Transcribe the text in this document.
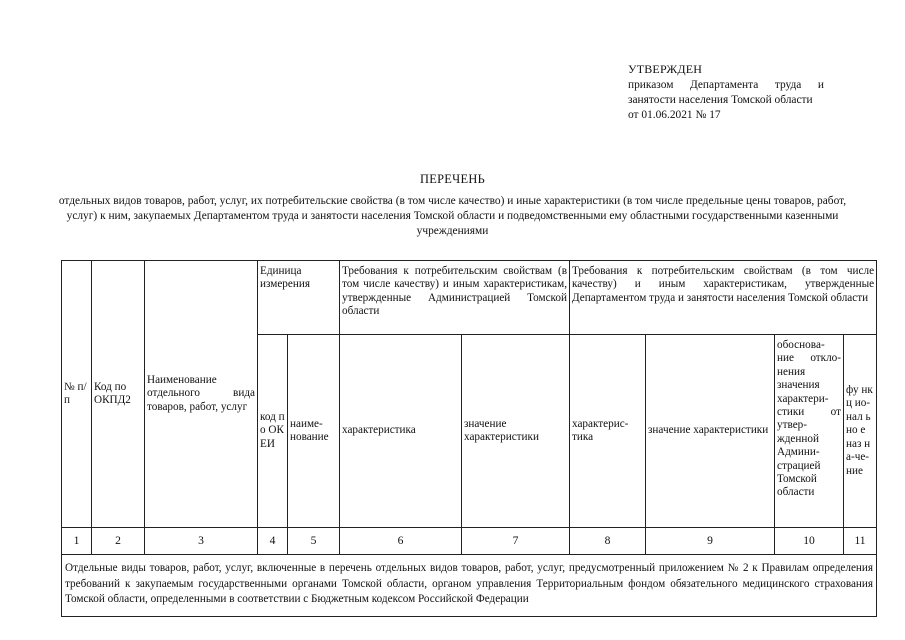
УТВЕРЖДЕН
приказом Департамента труда и занятости населения Томской области
от 01.06.2021 № 17
ПЕРЕЧЕНЬ
отдельных видов товаров, работ, услуг, их потребительские свойства (в том числе качество) и иные характеристики (в том числе предельные цены товаров, работ, услуг) к ним, закупаемых Департаментом труда и занятости населения Томской области и подведомственными ему областными государственными казенными учреждениями
№ п/п	Код по ОКПД2	Наименование отдельного вида товаров, работ, услуг	Единица измерения		Требования к потребительским свойствам (в том числе качеству) и иным характеристикам, утвержденные Администрацией Томской области		Требования к потребительским свойствам (в том числе качеству) и иным характеристикам, утвержденные Департаментом труда и занятости населения Томской области			
			код по ОКЕИ	наиме-нование	характеристика	значение характеристики	характерис-тика	значение характеристики	обосновa-ние откло-нения значения характери-стики от утвер-жденной Админи-страцией Томской области	фу нкц ио-нал ьно е наз на-че-ние
1	2	3	4	5	6	7	8	9	10	11
Отдельные виды товаров, работ, услуг, включенные в перечень отдельных видов товаров, работ, услуг, предусмотренный приложением № 2 к Правилам определения требований к закупаемым государственными органами Томской области, органом управления Территориальным фондом обязательного медицинского страхования Томской области, определенными в соответствии с Бюджетным кодексом Российской Федерации										
